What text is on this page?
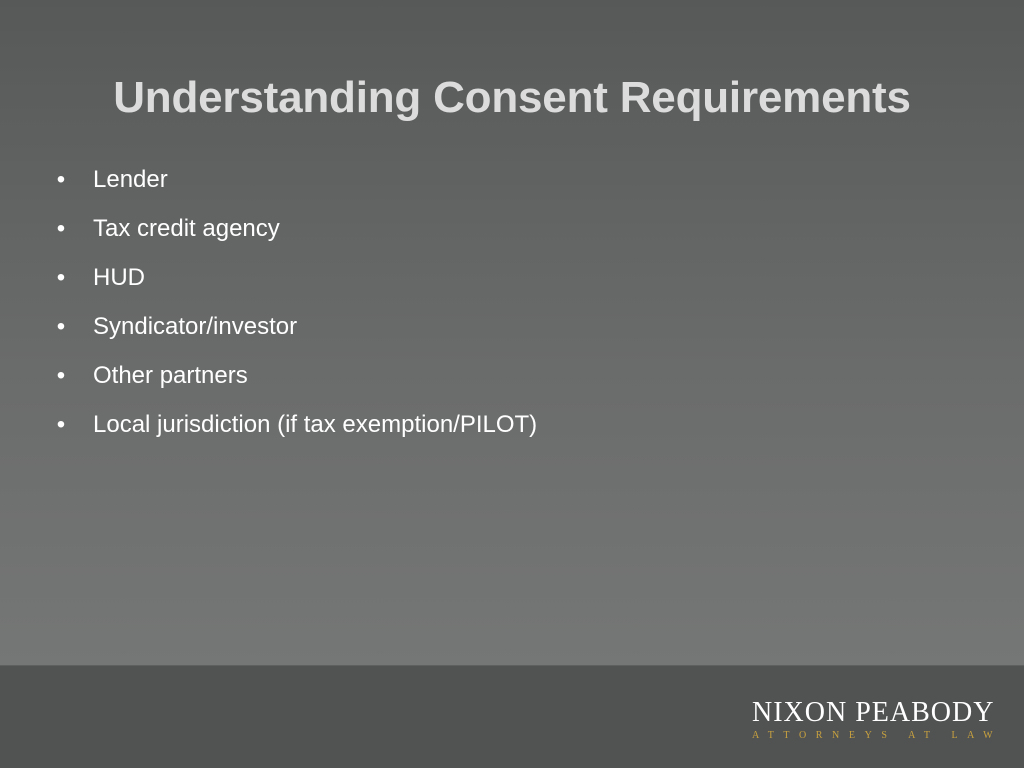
Understanding Consent Requirements
• Lender
• Tax credit agency
• HUD
• Syndicator/investor
• Other partners
• Local jurisdiction (if tax exemption/PILOT)
NIXON PEABODY
ATTORNEYS AT LAW
